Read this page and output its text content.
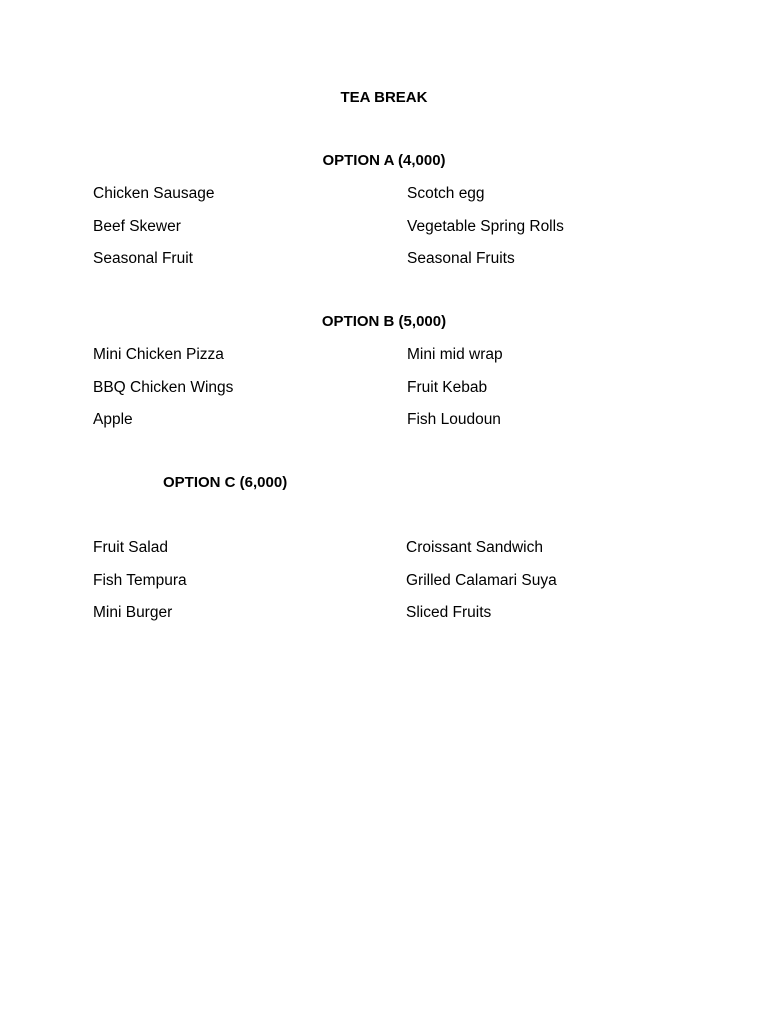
TEA BREAK
OPTION A (4,000)
Chicken Sausage	Scotch egg
Beef Skewer	Vegetable Spring Rolls
Seasonal Fruit	Seasonal Fruits
OPTION B (5,000)
Mini Chicken Pizza	Mini mid wrap
BBQ Chicken Wings	Fruit Kebab
Apple	Fish Loudoun
OPTION C (6,000)
Fruit Salad	Croissant Sandwich
Fish Tempura	Grilled Calamari Suya
Mini Burger	Sliced Fruits
